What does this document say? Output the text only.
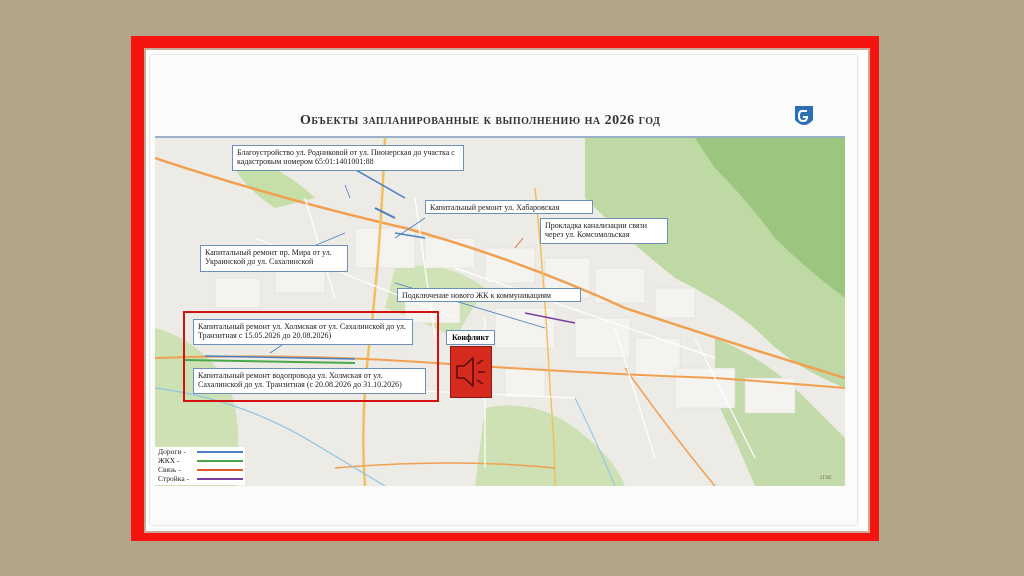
Объекты запланированные к выполнению на 2026 год
Благоустройство ул. Родниковой от ул. Пионерская до участка с кадастровым номером 65:01:1401001:88
Капитальный ремонт ул. Хабаровская
Прокладка канализации связи через ул. Комсомольская
Капитальный ремонт пр. Мира от ул. Украинской до ул. Сахалинской
Подключение нового ЖК к коммуникациям
Капитальный ремонт ул. Холмская от ул. Сахалинской до ул. Транзитная с 15.05.2026 до 20.08.2026)
Капитальный ремонт водопровода ул. Холмская от ул. Сахалинской до ул. Транзитная (с 20.08.2026 до 31.10.2026)
Конфликт
Дороги -
ЖКХ -
Связь -
Стройка -	2ГИС
